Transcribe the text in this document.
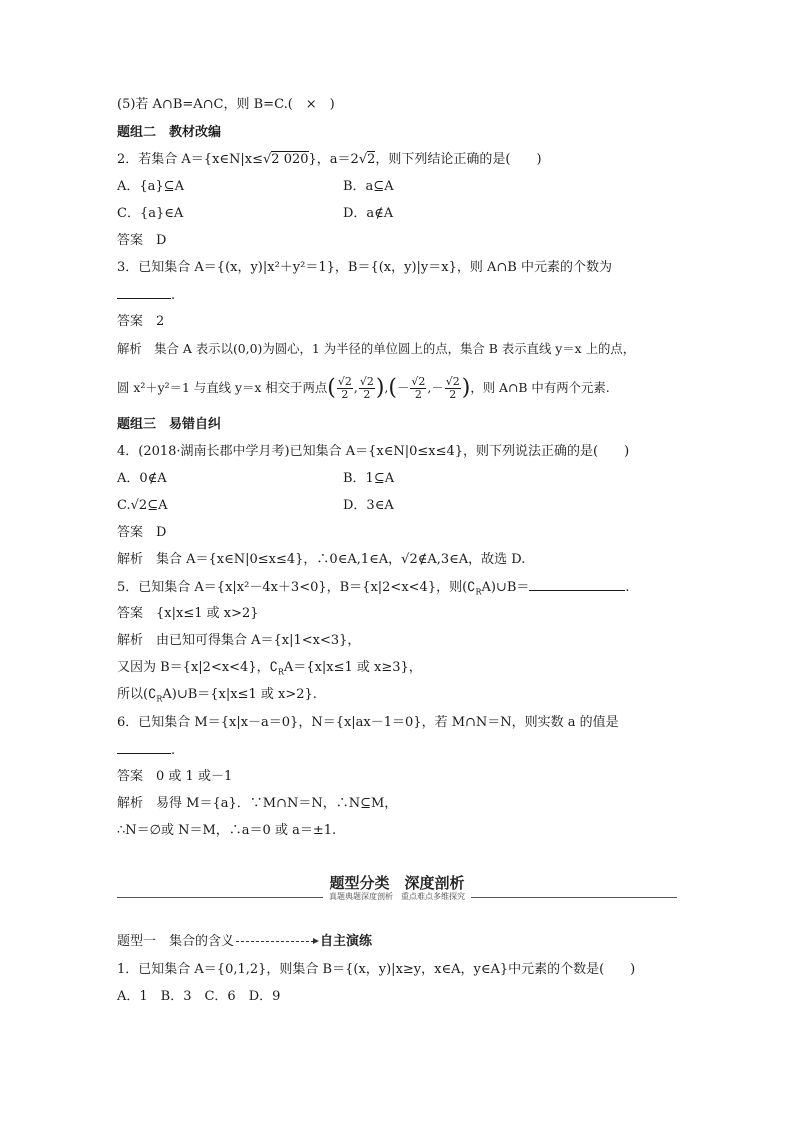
(5)若 A∩B=A∩C，则 B=C.(　×　)
题组二　教材改编
2．若集合 A＝{x∈N|x≤√2 020}，a＝2√2，则下列结论正确的是(　　)
A．{a}⊆A	B．a⊆A
C．{a}∈A	D．a∉A
答案　D
3．已知集合 A＝{(x，y)|x²＋y²＝1}，B＝{(x，y)|y＝x}，则 A∩B 中元素的个数为
.
答案　2
解析　集合 A 表示以(0,0)为圆心，1 为半径的单位圆上的点，集合 B 表示直线 y＝x 上的点，
圆 x²＋y²＝1 与直线 y＝x 相交于两点( $\frac{√2}{2}$ , $\frac{√2}{2}$ ),(－ $\frac{√2}{2}$ ,－ $\frac{√2}{2}$ )，则 A∩B 中有两个元素.
题组三　易错自纠
4．(2018·湖南长郡中学月考)已知集合 A＝{x∈N|0≤x≤4}，则下列说法正确的是(　　)
A．0∉A	B．1⊆A
C.√2⊆A	D．3∈A
答案　D
解析　集合 A＝{x∈N|0≤x≤4}，∴0∈A,1∈A，√2∉A,3∈A，故选 D.
5．已知集合 A＝{x|x²－4x＋3<0}，B＝{x|2<x<4}，则$(∁_RA)\cup B=$	.
答案　{x|x≤1 或 x>2}
解析　由已知可得集合 A＝{x|1<x<3}，
又因为 B＝{x|2<x<4}，$∁_RA=\{x|x\le 1$ 或 x≥3}，
所以$(∁_RA)\cup B=\{x|x\le 1$ 或 x>2}.
6．已知集合 M＝{x|x－a＝0}，N＝{x|ax－1＝0}，若 M∩N＝N，则实数 a 的值是
.
答案　0 或 1 或－1
解析　易得 M＝{a}．∵M∩N＝N，∴N⊆M，
∴N＝∅或 N＝M，∴a＝0 或 a＝±1.
题型分类　深度剖析
真题典题深度剖析　重点难点多维探究
题型一　集合的含义	自主演练
1．已知集合 A＝{0,1,2}，则集合 B＝{(x，y)|x≥y，x∈A，y∈A}中元素的个数是(　　)
A．1　B．3　C．6　D．9
